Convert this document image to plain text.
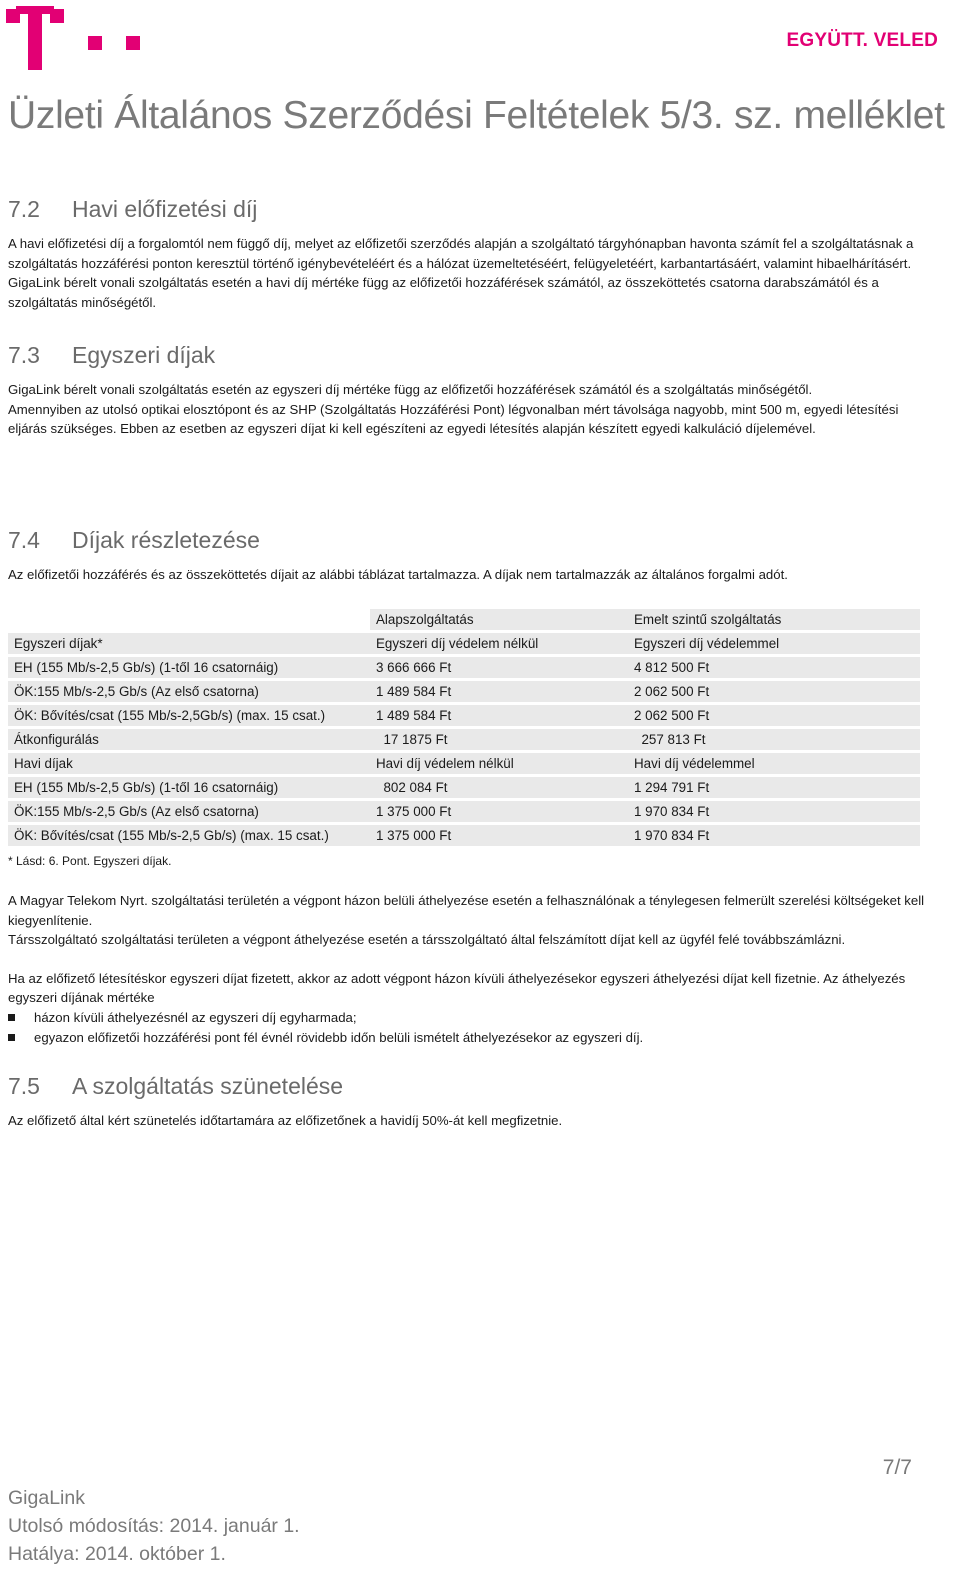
EGYÜTT. VELED
Üzleti Általános Szerződési Feltételek 5/3. sz. melléklet
7.2 Havi előfizetési díj

A havi előfizetési díj a forgalomtól nem függő díj, melyet az előfizetői szerződés alapján a szolgáltató tárgyhónapban havonta számít fel a szolgáltatásnak a szolgáltatás hozzáférési ponton keresztül történő igénybevételéért és a hálózat üzemeltetéséért, felügyeletéért, karbantartásáért, valamint hibaelhárításért. GigaLink bérelt vonali szolgáltatás esetén a havi díj mértéke függ az előfizetői hozzáférések számától, az összeköttetés csatorna darabszámától és a szolgáltatás minőségétől.

7.3 Egyszeri díjak

GigaLink bérelt vonali szolgáltatás esetén az egyszeri díj mértéke függ az előfizetői hozzáférések számától és a szolgáltatás minőségétől.

Amennyiben az utolsó optikai elosztópont és az SHP (Szolgáltatás Hozzáférési Pont) légvonalban mért távolsága nagyobb, mint 500 m, egyedi létesítési eljárás szükséges. Ebben az esetben az egyszeri díjat ki kell egészíteni az egyedi létesítés alapján készített egyedi kalkuláció díjelemével.

7.4 Díjak részletezése

Az előfizetői hozzáférés és az összeköttetés díjait az alábbi táblázat tartalmazza. A díjak nem tartalmazzák az általános forgalmi adót.

	Alapszolgáltatás	Emelt szintű szolgáltatás
Egyszeri díjak*	Egyszeri díj védelem nélkül	Egyszeri díj védelemmel
EH (155 Mb/s-2,5 Gb/s) (1-től 16 csatornáig)	3 666 666 Ft	4 812 500 Ft
ÖK:155 Mb/s-2,5 Gb/s (Az első csatorna)	1 489 584 Ft	2 062 500 Ft
ÖK: Bővítés/csat (155 Mb/s-2,5Gb/s) (max. 15 csat.)	1 489 584 Ft	2 062 500 Ft
Átkonfigurálás	17 1875 Ft	257 813 Ft
Havi díjak	Havi díj védelem nélkül	Havi díj védelemmel
EH (155 Mb/s-2,5 Gb/s) (1-től 16 csatornáig)	802 084 Ft	1 294 791 Ft
ÖK:155 Mb/s-2,5 Gb/s (Az első csatorna)	1 375 000 Ft	1 970 834 Ft
ÖK: Bővítés/csat (155 Mb/s-2,5 Gb/s) (max. 15 csat.)	1 375 000 Ft	1 970 834 Ft
* Lásd: 6. Pont. Egyszeri díjak.

A Magyar Telekom Nyrt. szolgáltatási területén a végpont házon belüli áthelyezése esetén a felhasználónak a ténylegesen felmerült szerelési költségeket kell kiegyenlítenie.

Társszolgáltató szolgáltatási területen a végpont áthelyezése esetén a társszolgáltató által felszámított díjat kell az ügyfél felé továbbszámlázni.

Ha az előfizető létesítéskor egyszeri díjat fizetett, akkor az adott végpont házon kívüli áthelyezésekor egyszeri áthelyezési díjat kell fizetnie. Az áthelyezés egyszeri díjának mértéke

házon kívüli áthelyezésnél az egyszeri díj egyharmada;
egyazon előfizetői hozzáférési pont fél évnél rövidebb időn belüli ismételt áthelyezésekor az egyszeri díj.
7.5 A szolgáltatás szünetelése

Az előfizető által kért szünetelés időtartamára az előfizetőnek a havidíj 50%-át kell megfizetnie.

7/7
GigaLink
Utolsó módosítás: 2014. január 1.
Hatálya: 2014. október 1.
